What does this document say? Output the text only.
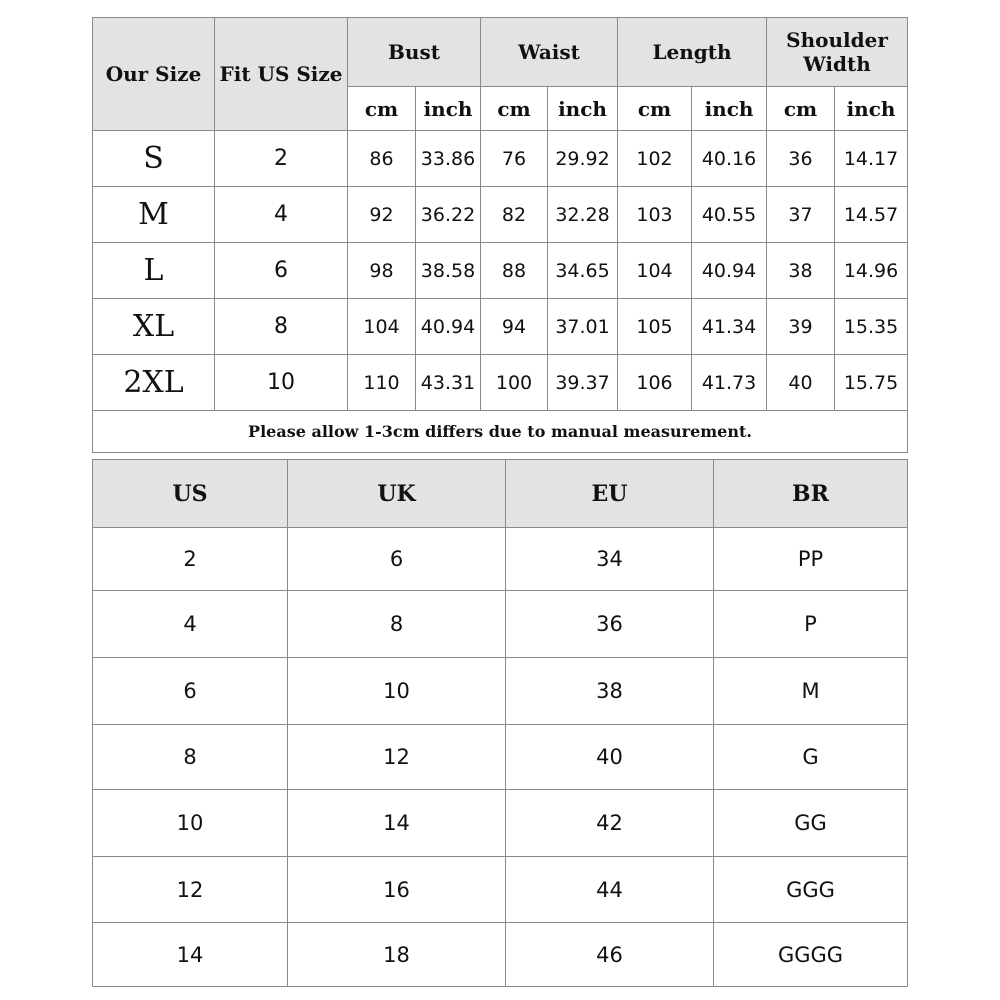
Our Size	Fit US Size	Bust		Waist		Length		Shoulder Width	
		cm	inch	cm	inch	cm	inch	cm	inch
S	2	86	33.86	76	29.92	102	40.16	36	14.17
M	4	92	36.22	82	32.28	103	40.55	37	14.57
L	6	98	38.58	88	34.65	104	40.94	38	14.96
XL	8	104	40.94	94	37.01	105	41.34	39	15.35
2XL	10	110	43.31	100	39.37	106	41.73	40	15.75
Please allow 1-3cm differs due to manual measurement.									
US	UK	EU	BR
2	6	34	PP
4	8	36	P
6	10	38	M
8	12	40	G
10	14	42	GG
12	16	44	GGG
14	18	46	GGGG
